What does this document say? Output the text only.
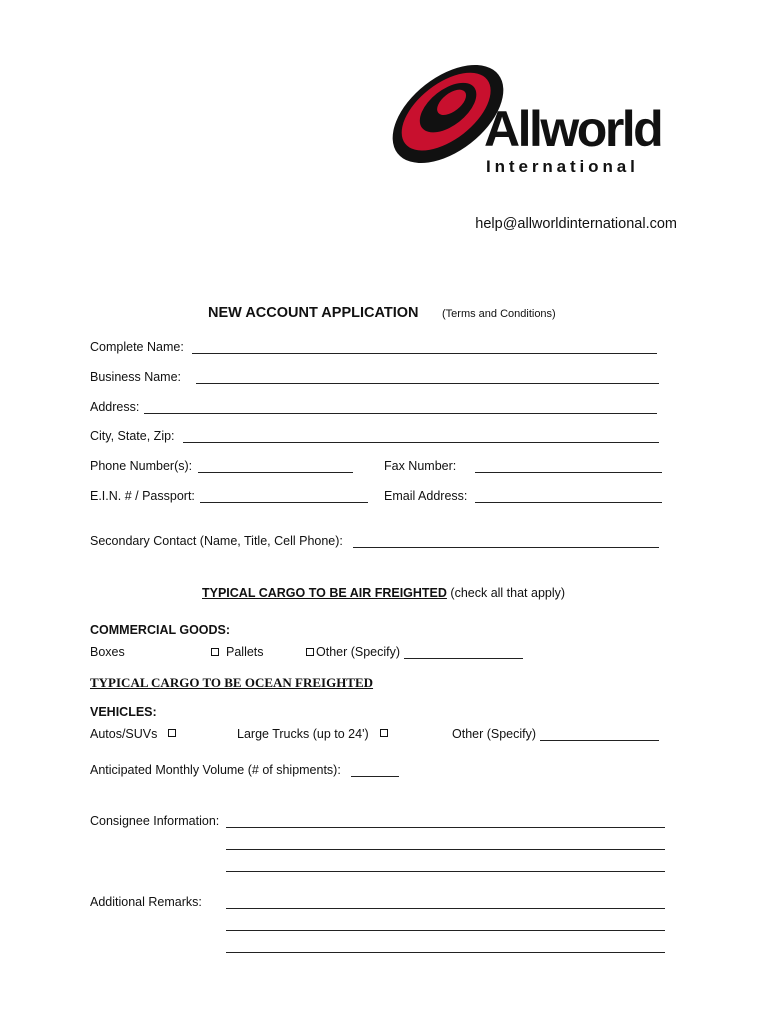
Allworld
International
help@allworldinternational.com
NEW ACCOUNT APPLICATION (Terms and Conditions)
Complete Name:
Business Name:
Address:
City, State, Zip:
Phone Number(s):	Fax Number:
E.I.N. # / Passport:	Email Address:
Secondary Contact (Name, Title, Cell Phone):
TYPICAL CARGO TO BE AIR FREIGHTED (check all that apply)
COMMERCIAL GOODS:
Boxes	Pallets	Other (Specify)
TYPICAL CARGO TO BE OCEAN FREIGHTED
VEHICLES:
Autos/SUVs	Large Trucks (up to 24')	Other (Specify)
Anticipated Monthly Volume (# of shipments):
Consignee Information:
Additional Remarks:
